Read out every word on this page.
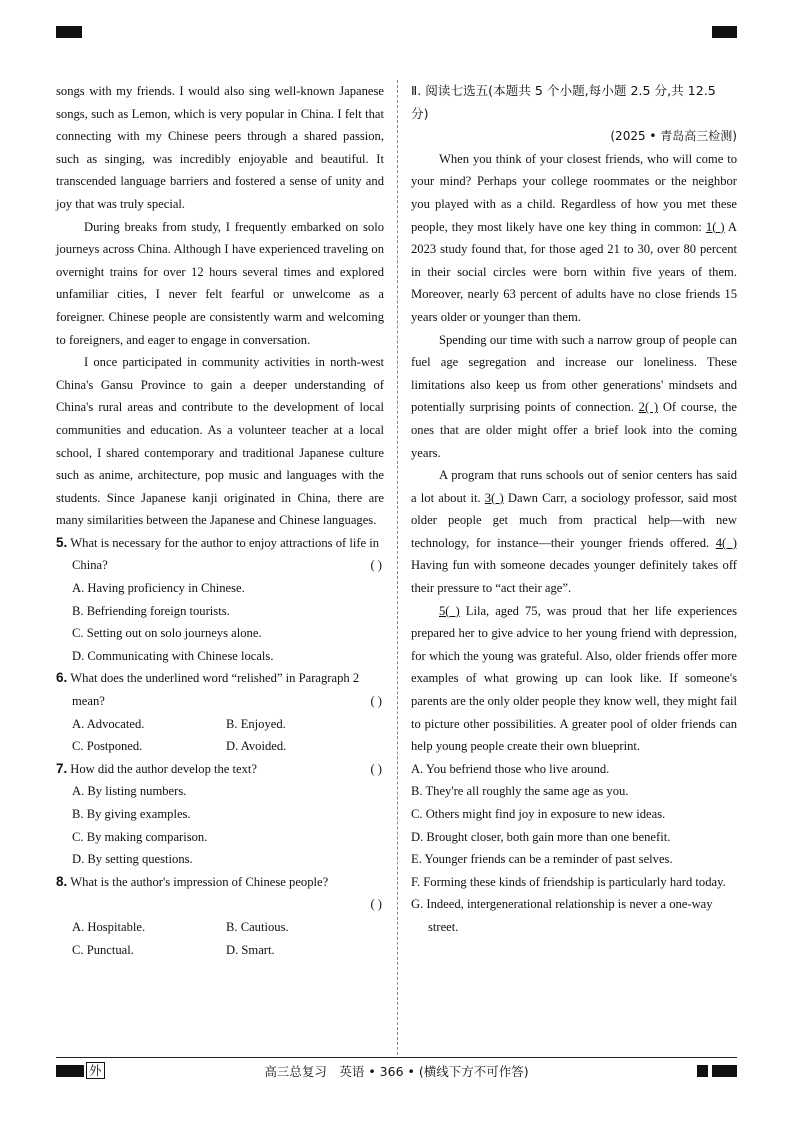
songs with my friends. I would also sing well-known Japanese songs, such as Lemon, which is very popular in China. I felt that connecting with my Chinese peers through a shared passion, such as singing, was incredibly enjoyable and beautiful. It transcended language barriers and fostered a sense of unity and joy that was truly special.

During breaks from study, I frequently embarked on solo journeys across China. Although I have experienced traveling on overnight trains for over 12 hours several times and explored unfamiliar cities, I never felt fearful or unwelcome as a foreigner. Chinese people are consistently warm and welcoming to foreigners, and eager to engage in conversation.

I once participated in community activities in north-west China's Gansu Province to gain a deeper understanding of China's rural areas and contribute to the development of local communities and education. As a volunteer teacher at a local school, I shared contemporary and traditional Japanese culture such as anime, architecture, pop music and languages with the students. Since Japanese kanji originated in China, there are many similarities between the Japanese and Chinese languages.

5. What is necessary for the author to enjoy attractions of life in China?	( )

A. Having proficiency in Chinese.

B. Befriending foreign tourists.

C. Setting out on solo journeys alone.

D. Communicating with Chinese locals.

6. What does the underlined word “relished” in Paragraph 2 mean?	( )
A. Advocated.	B. Enjoyed.
C. Postponed.	D. Avoided.
7. How did the author develop the text?	( )

A. By listing numbers.

B. By giving examples.

C. By making comparison.

D. By setting questions.

8. What is the author's impression of Chinese people?
( )
A. Hospitable.	B. Cautious.
C. Punctual.	D. Smart.

Ⅱ. 阅读七选五(本题共 5 个小题,每小题 2.5 分,共 12.5 分)

(2025 • 青岛高三检测)

When you think of your closest friends, who will come to your mind? Perhaps your college roommates or the neighbor you played with as a child. Regardless of how you met these people, they most likely have one key thing in common: 1( ) A 2023 study found that, for those aged 21 to 30, over 80 percent in their social circles were born within five years of them. Moreover, nearly 63 percent of adults have no close friends 15 years older or younger than them.

Spending our time with such a narrow group of people can fuel age segregation and increase our loneliness. These limitations also keep us from other generations' mindsets and potentially surprising points of connection. 2( ) Of course, the ones that are older might offer a brief look into the coming years.

A program that runs schools out of senior centers has said a lot about it. 3( ) Dawn Carr, a sociology professor, said most older people get much from practical help—with new technology, for instance—their younger friends offered. 4( ) Having fun with someone decades younger definitely takes off their pressure to “act their age”.

5( ) Lila, aged 75, was proud that her life experiences prepared her to give advice to her young friend with depression, for which the young was grateful. Also, older friends offer more examples of what growing up can look like. If someone's parents are the only older people they know well, they might fail to picture other possibilities. A greater pool of older friends can help young people create their own blueprint.

A. You befriend those who live around.

B. They're all roughly the same age as you.

C. Others might find joy in exposure to new ideas.

D. Brought closer, both gain more than one benefit.

E. Younger friends can be a reminder of past selves.

F. Forming these kinds of friendship is particularly hard today.

G. Indeed, intergenerational relationship is never a one-way street.

外	高三总复习　英语 • 366 • (横线下方不可作答)
